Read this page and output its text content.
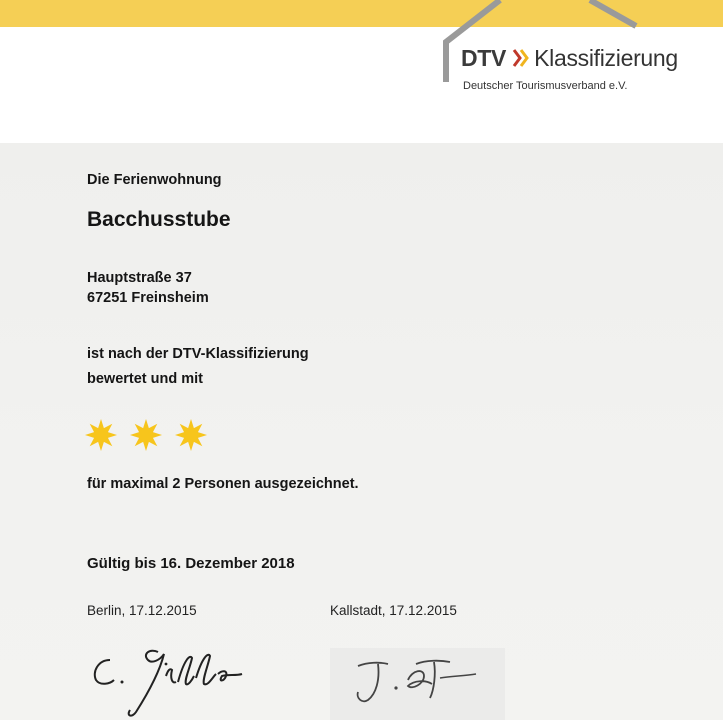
DTV Klassifizierung
Deutscher Tourismusverband e.V.
Die Ferienwohnung
Bacchusstube
Hauptstraße 37
67251 Freinsheim
ist nach der DTV-Klassifizierung
bewertet und mit
für maximal 2 Personen ausgezeichnet.
Gültig bis 16. Dezember 2018
Berlin, 17.12.2015	Kallstadt, 17.12.2015
